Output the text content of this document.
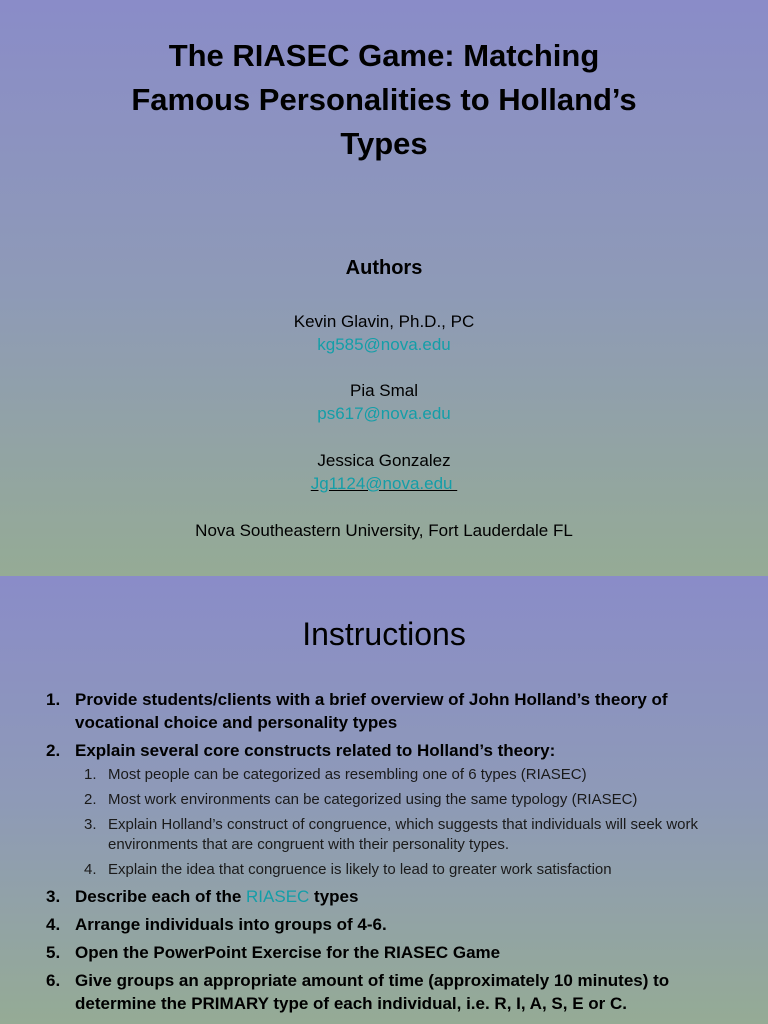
The RIASEC Game: Matching
Famous Personalities to Holland’s
Types
Authors
Kevin Glavin, Ph.D., PC
kg585@nova.edu
Pia Smal
ps617@nova.edu
Jessica Gonzalez
Jg1124@nova.edu
Nova Southeastern University, Fort Lauderdale FL
Instructions
1. Provide students/clients with a brief overview of John Holland’s theory of vocational choice and personality types
2. Explain several core constructs related to Holland’s theory:
1. Most people can be categorized as resembling one of 6 types (RIASEC)
2. Most work environments can be categorized using the same typology (RIASEC)
3. Explain Holland’s construct of congruence, which suggests that individuals will seek work environments that are congruent with their personality types.
4. Explain the idea that congruence is likely to lead to greater work satisfaction
3. Describe each of the RIASEC types
4. Arrange individuals into groups of 4-6.
5. Open the PowerPoint Exercise for the RIASEC Game
6. Give groups an appropriate amount of time (approximately 10 minutes) to determine the PRIMARY type of each individual, i.e. R, I, A, S, E or C.
